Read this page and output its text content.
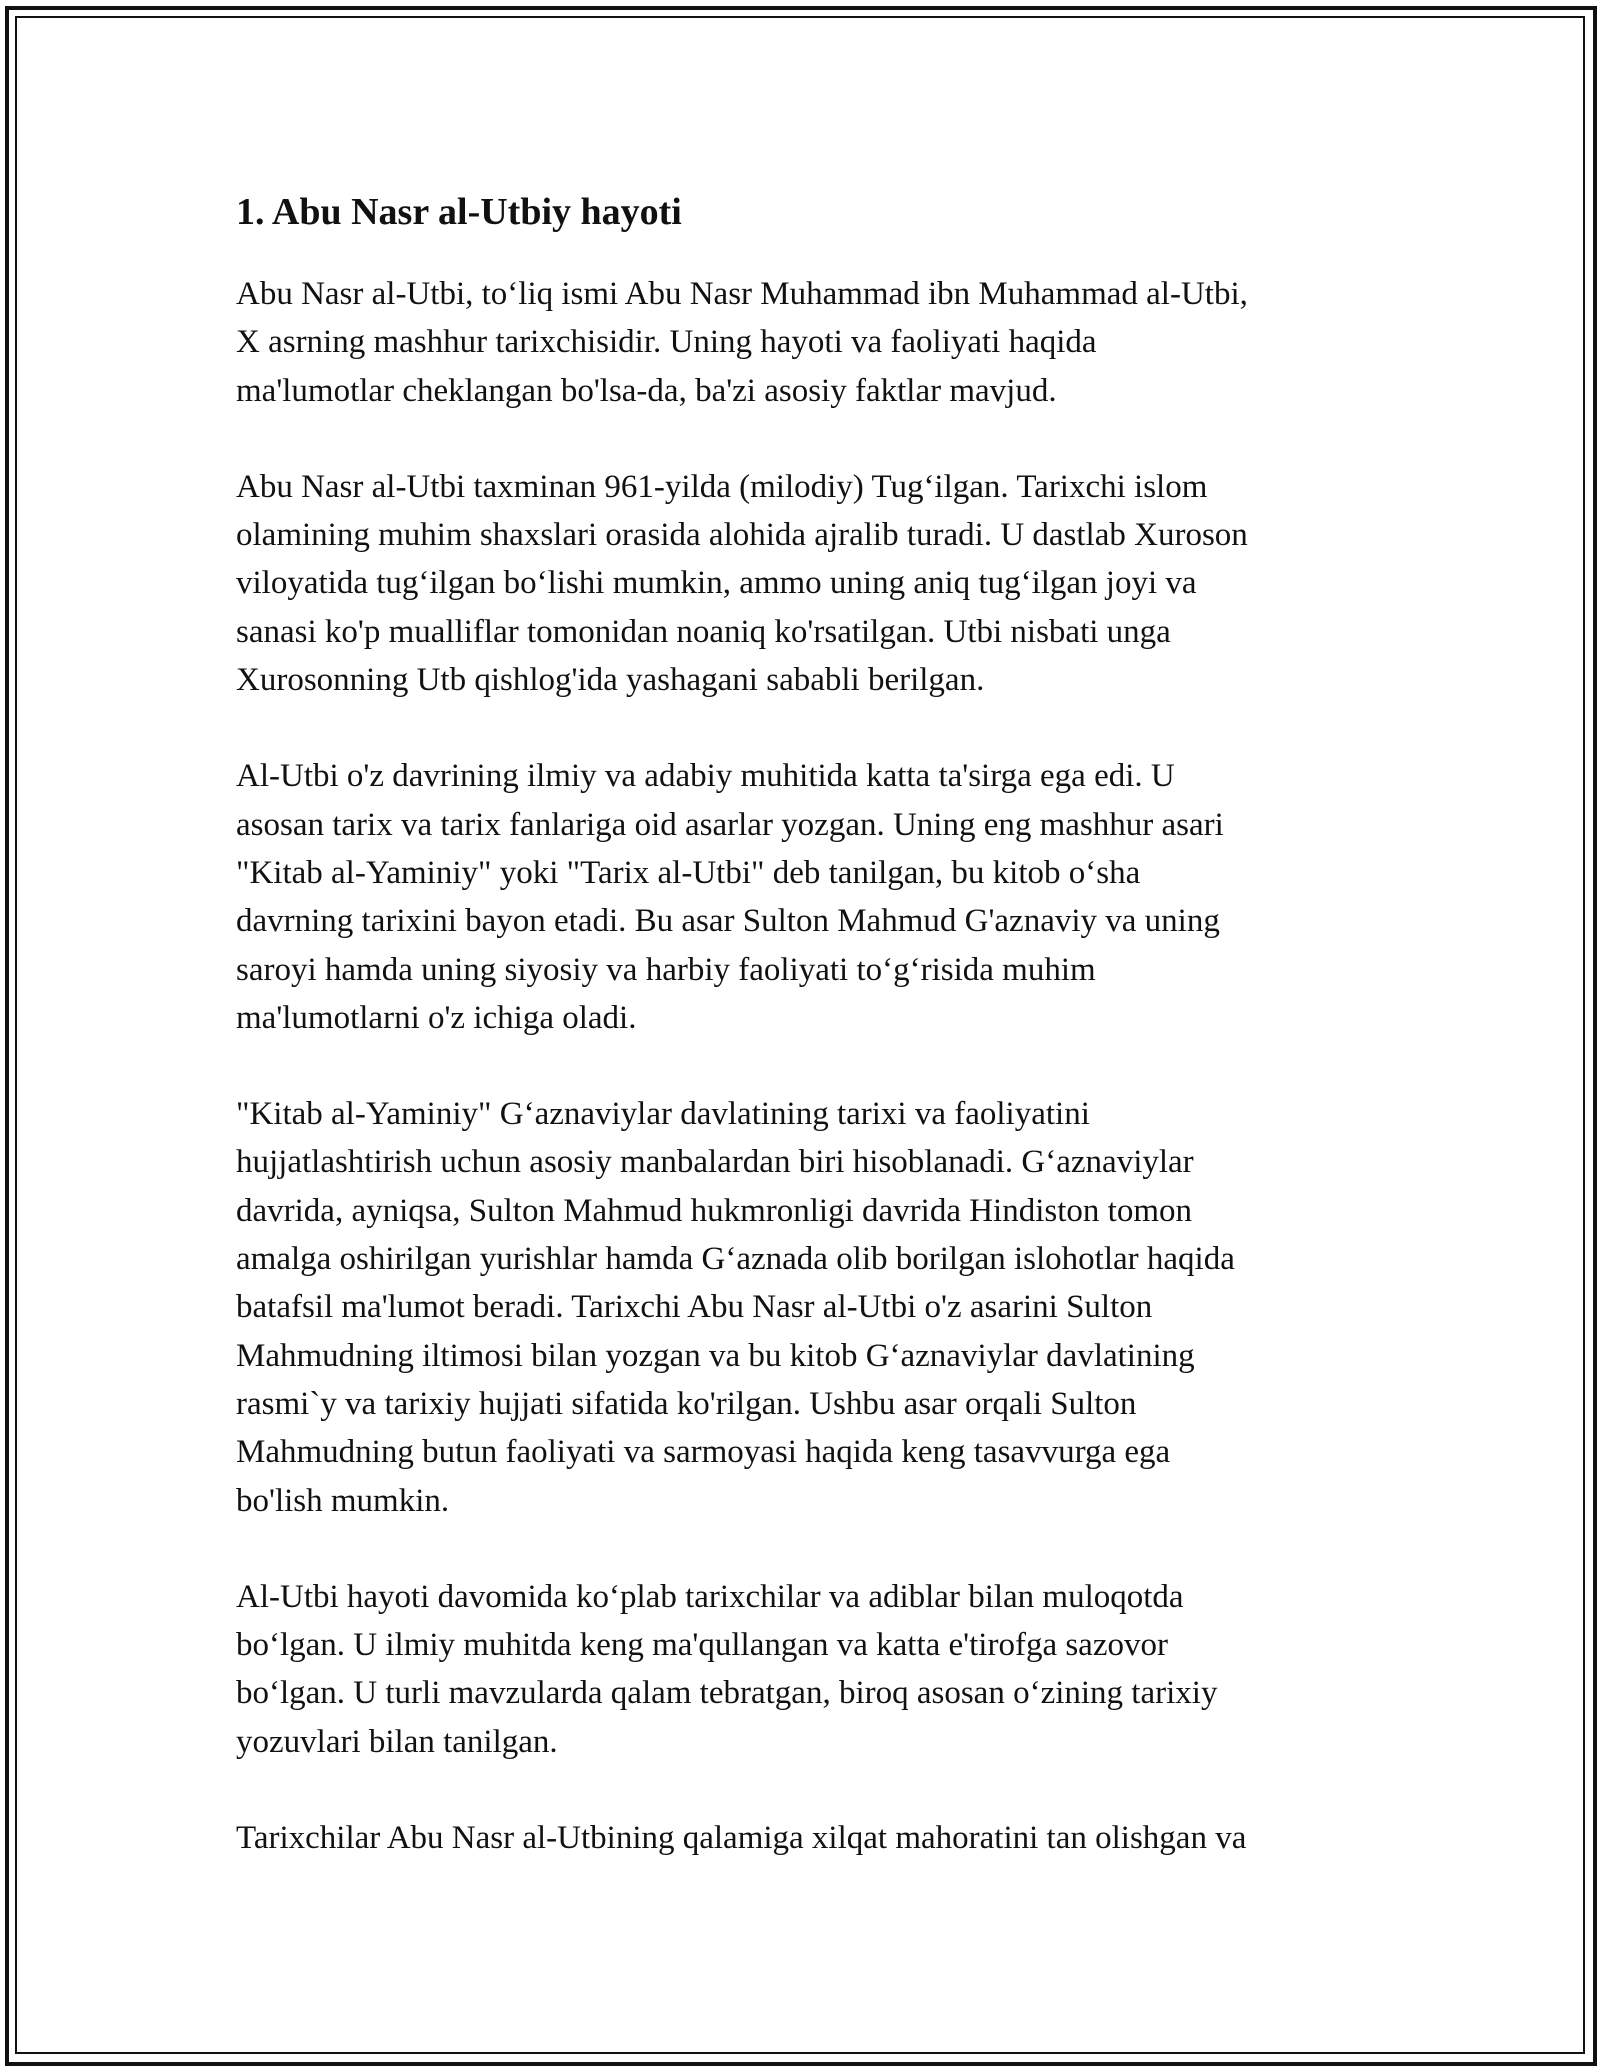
1. Abu Nasr al-Utbiy hayoti

Abu Nasr al-Utbi, to‘liq ismi Abu Nasr Muhammad ibn Muhammad al-Utbi,
X asrning mashhur tarixchisidir. Uning hayoti va faoliyati haqida
ma'lumotlar cheklangan bo'lsa-da, ba'zi asosiy faktlar mavjud.

Abu Nasr al-Utbi taxminan 961-yilda (milodiy) Tug‘ilgan. Tarixchi islom
olamining muhim shaxslari orasida alohida ajralib turadi. U dastlab Xuroson
viloyatida tug‘ilgan bo‘lishi mumkin, ammo uning aniq tug‘ilgan joyi va
sanasi ko'p mualliflar tomonidan noaniq ko'rsatilgan. Utbi nisbati unga
Xurosonning Utb qishlog'ida yashagani sababli berilgan.

Al-Utbi o'z davrining ilmiy va adabiy muhitida katta ta'sirga ega edi. U
asosan tarix va tarix fanlariga oid asarlar yozgan. Uning eng mashhur asari
"Kitab al-Yaminiy" yoki "Tarix al-Utbi" deb tanilgan, bu kitob o‘sha
davrning tarixini bayon etadi. Bu asar Sulton Mahmud G'aznaviy va uning
saroyi hamda uning siyosiy va harbiy faoliyati to‘g‘risida muhim
ma'lumotlarni o'z ichiga oladi.

"Kitab al-Yaminiy" G‘aznaviylar davlatining tarixi va faoliyatini
hujjatlashtirish uchun asosiy manbalardan biri hisoblanadi. G‘aznaviylar
davrida, ayniqsa, Sulton Mahmud hukmronligi davrida Hindiston tomon
amalga oshirilgan yurishlar hamda G‘aznada olib borilgan islohotlar haqida
batafsil ma'lumot beradi. Tarixchi Abu Nasr al-Utbi o'z asarini Sulton
Mahmudning iltimosi bilan yozgan va bu kitob G‘aznaviylar davlatining
rasmi`y va tarixiy hujjati sifatida ko'rilgan. Ushbu asar orqali Sulton
Mahmudning butun faoliyati va sarmoyasi haqida keng tasavvurga ega
bo'lish mumkin.

Al-Utbi hayoti davomida ko‘plab tarixchilar va adiblar bilan muloqotda
bo‘lgan. U ilmiy muhitda keng ma'qullangan va katta e'tirofga sazovor
bo‘lgan. U turli mavzularda qalam tebratgan, biroq asosan o‘zining tarixiy
yozuvlari bilan tanilgan.

Tarixchilar Abu Nasr al-Utbining qalamiga xilqat mahoratini tan olishgan va
